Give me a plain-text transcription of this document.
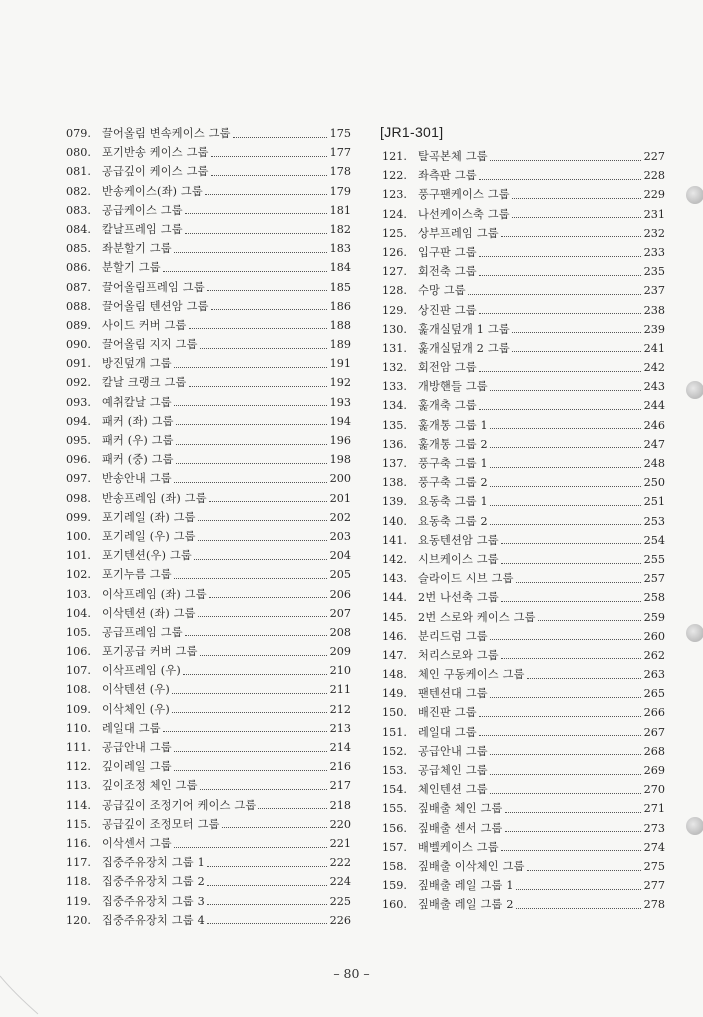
079. 끌어올림 변속케이스 그룹	175
080. 포기반송 케이스 그룹	177
081. 공급깊이 케이스 그룹	178
082. 반송케이스(좌) 그룹	179
083. 공급케이스 그룹	181
084. 칼날프레임 그룹	182
085. 좌분할기 그룹	183
086. 분할기 그룹	184
087. 끌어올림프레임 그룹	185
088. 끌어올림 텐션암 그룹	186
089. 사이드 커버 그룹	188
090. 끌어올림 지지 그룹	189
091. 방진덮개 그룹	191
092. 칼날 크랭크 그룹	192
093. 예취칼날 그룹	193
094. 패커 (좌) 그룹	194
095. 패커 (우) 그룹	196
096. 패커 (중) 그룹	198
097. 반송안내 그룹	200
098. 반송프레임 (좌) 그룹	201
099. 포기레일 (좌) 그룹	202
100. 포기레일 (우) 그룹	203
101. 포기텐션(우) 그룹	204
102. 포기누름 그룹	205
103. 이삭프레임 (좌) 그룹	206
104. 이삭텐션 (좌) 그룹	207
105. 공급프레임 그룹	208
106. 포기공급 커버 그룹	209
107. 이삭프레임 (우)	210
108. 이삭텐션 (우)	211
109. 이삭체인 (우)	212
110. 레일대 그룹	213
111. 공급안내 그룹	214
112. 깊이레일 그룹	216
113. 깊이조정 체인 그룹	217
114. 공급깊이 조정기어 케이스 그룹	218
115. 공급깊이 조정모터 그룹	220
116. 이삭센서 그룹	221
117. 집중주유장치 그룹 1	222
118. 집중주유장치 그룹 2	224
119. 집중주유장치 그룹 3	225
120. 집중주유장치 그룹 4	226
[JR1-301]
121. 탈곡본체 그룹	227
122. 좌측판 그룹	228
123. 풍구팬케이스 그룹	229
124. 나선케이스축 그룹	231
125. 상부프레임 그룹	232
126. 입구판 그룹	233
127. 회전축 그룹	235
128. 수망 그룹	237
129. 상진판 그룹	238
130. 훑개실덮개 1 그룹	239
131. 훑개실덮개 2 그룹	241
132. 회전암 그룹	242
133. 개방핸들 그룹	243
134. 훑개축 그룹	244
135. 훑개통 그룹 1	246
136. 훑개통 그룹 2	247
137. 풍구축 그룹 1	248
138. 풍구축 그룹 2	250
139. 요동축 그룹 1	251
140. 요동축 그룹 2	253
141. 요동텐션암 그룹	254
142. 시브케이스 그룹	255
143. 슬라이드 시브 그룹	257
144. 2번 나선축 그룹	258
145. 2번 스로와 케이스 그룹	259
146. 분리드럼 그룹	260
147. 처리스로와 그룹	262
148. 체인 구동케이스 그룹	263
149. 팬텐션대 그룹	265
150. 배진판 그룹	266
151. 레일대 그룹	267
152. 공급안내 그룹	268
153. 공급체인 그룹	269
154. 체인텐션 그룹	270
155. 짚배출 체인 그룹	271
156. 짚배출 센서 그룹	273
157. 배벨케이스 그룹	274
158. 짚배출 이삭체인 그룹	275
159. 짚배출 레일 그룹 1	277
160. 짚배출 레일 그룹 2	278
– 80 –
